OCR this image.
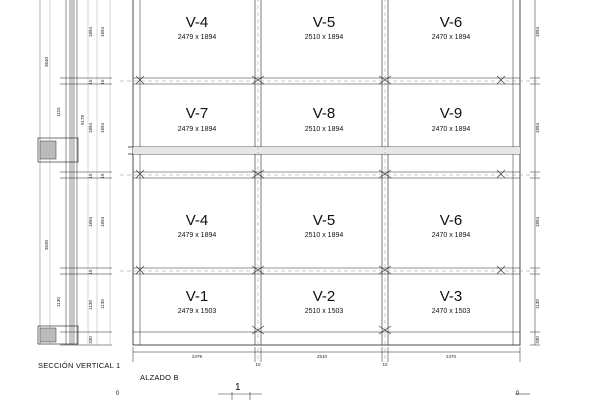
3640
1115
3630
1130
9178
1894
15
1894
15
1894
15
1130
330
1894
15
1894
15
1894
1130
V-4
2479 x 1894
V-5
2510 x 1894
V-6
2470 x 1894
V-7
2479 x 1894
V-8
2510 x 1894
V-9
2470 x 1894
V-4
2479 x 1894
V-5
2510 x 1894
V-6
2470 x 1894
V-1
2479 x 1503
V-2
2510 x 1503
V-3
2470 x 1503
1894
1894
1894
1130
330
2479
10
2510
10
2470
SECCIÓN VERTICAL 1
ALZADO B
1
0	0
